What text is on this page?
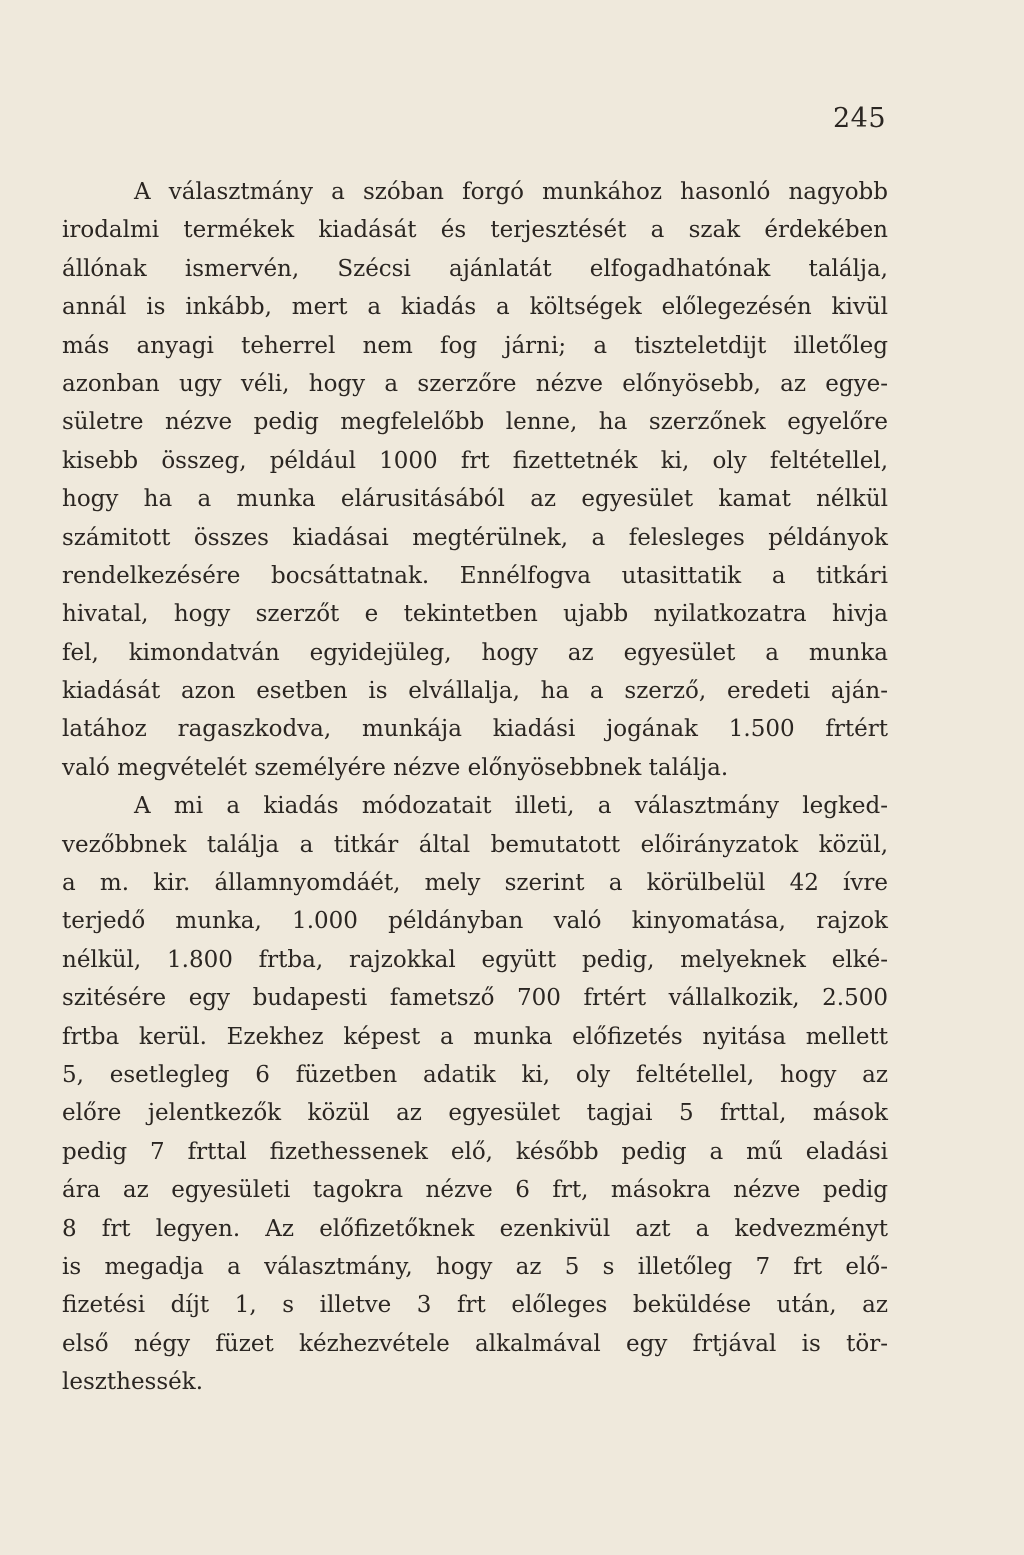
245
A választmány a szóban forgó munkához hasonló nagyobb
irodalmi termékek kiadását és terjesztését a szak érdekében
állónak ismervén, Szécsi ajánlatát elfogadhatónak találja,
annál is inkább, mert a kiadás a költségek előlegezésén kivül
más anyagi teherrel nem fog járni; a tiszteletdijt illetőleg
azonban ugy véli, hogy a szerzőre nézve előnyösebb, az egye-
sületre nézve pedig megfelelőbb lenne, ha szerzőnek egyelőre
kisebb összeg, például 1000 frt fizettetnék ki, oly feltétellel,
hogy ha a munka elárusitásából az egyesület kamat nélkül
számitott összes kiadásai megtérülnek, a felesleges példányok
rendelkezésére bocsáttatnak. Ennélfogva utasittatik a titkári
hivatal, hogy szerzőt e tekintetben ujabb nyilatkozatra hivja
fel, kimondatván egyidejüleg, hogy az egyesület a munka
kiadását azon esetben is elvállalja, ha a szerző, eredeti aján-
latához ragaszkodva, munkája kiadási jogának 1.500 frtért
való megvételét személyére nézve előnyösebbnek találja.
A mi a kiadás módozatait illeti, a választmány legked-
vezőbbnek találja a titkár által bemutatott előirányzatok közül,
a m. kir. államnyomdáét, mely szerint a körülbelül 42 ívre
terjedő munka, 1.000 példányban való kinyomatása, rajzok
nélkül, 1.800 frtba, rajzokkal együtt pedig, melyeknek elké-
szitésére egy budapesti fametsző 700 frtért vállalkozik, 2.500
frtba kerül. Ezekhez képest a munka előfizetés nyitása mellett
5, esetlegleg 6 füzetben adatik ki, oly feltétellel, hogy az
előre jelentkezők közül az egyesület tagjai 5 frttal, mások
pedig 7 frttal fizethessenek elő, később pedig a mű eladási
ára az egyesületi tagokra nézve 6 frt, másokra nézve pedig
8 frt legyen. Az előfizetőknek ezenkivül azt a kedvezményt
is megadja a választmány, hogy az 5 s illetőleg 7 frt elő-
fizetési díjt 1, s illetve 3 frt előleges beküldése után, az
első négy füzet kézhezvétele alkalmával egy frtjával is tör-
leszthessék.
